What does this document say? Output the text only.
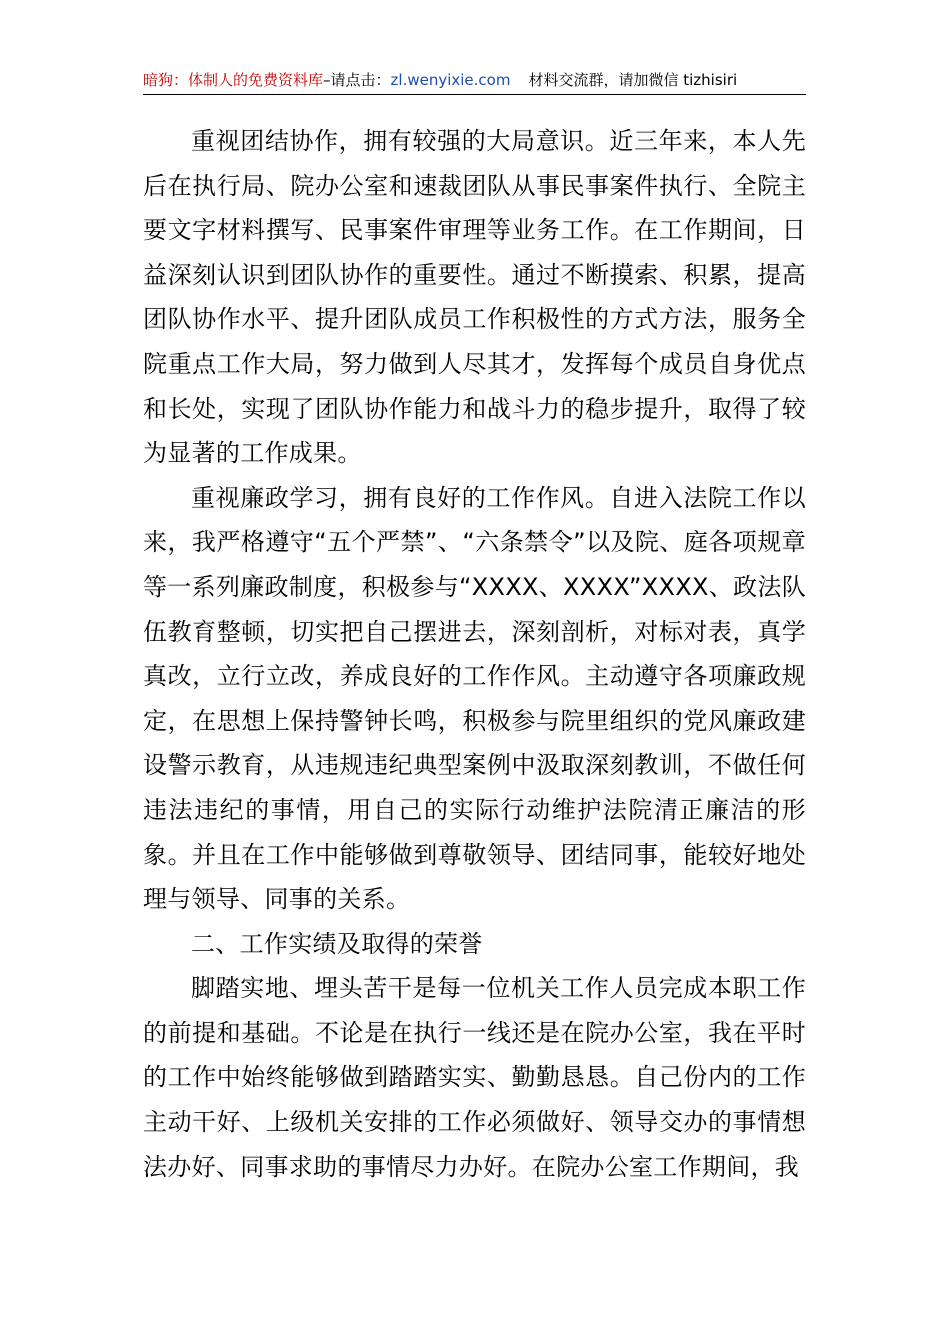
暗狗：体制人的免费资料库–请点击：zl.wenyixie.com 材料交流群，请加微信 tizhisiri

重视团结协作，拥有较强的大局意识。近三年来，本人先后在执行局、院办公室和速裁团队从事民事案件执行、全院主要文字材料撰写、民事案件审理等业务工作。在工作期间，日益深刻认识到团队协作的重要性。通过不断摸索、积累，提高团队协作水平、提升团队成员工作积极性的方式方法，服务全院重点工作大局，努力做到人尽其才，发挥每个成员自身优点和长处，实现了团队协作能力和战斗力的稳步提升，取得了较为显著的工作成果。

重视廉政学习，拥有良好的工作作风。自进入法院工作以来，我严格遵守“五个严禁”、“六条禁令”以及院、庭各项规章等一系列廉政制度，积极参与“XXXX、XXXX”XXXX、政法队伍教育整顿，切实把自己摆进去，深刻剖析，对标对表，真学真改，立行立改，养成良好的工作作风。主动遵守各项廉政规定，在思想上保持警钟长鸣，积极参与院里组织的党风廉政建设警示教育，从违规违纪典型案例中汲取深刻教训，不做任何违法违纪的事情，用自己的实际行动维护法院清正廉洁的形象。并且在工作中能够做到尊敬领导、团结同事，能较好地处理与领导、同事的关系。

二、工作实绩及取得的荣誉

脚踏实地、埋头苦干是每一位机关工作人员完成本职工作的前提和基础。不论是在执行一线还是在院办公室，我在平时的工作中始终能够做到踏踏实实、勤勤恳恳。自己份内的工作主动干好、上级机关安排的工作必须做好、领导交办的事情想法办好、同事求助的事情尽力办好。在院办公室工作期间，我
